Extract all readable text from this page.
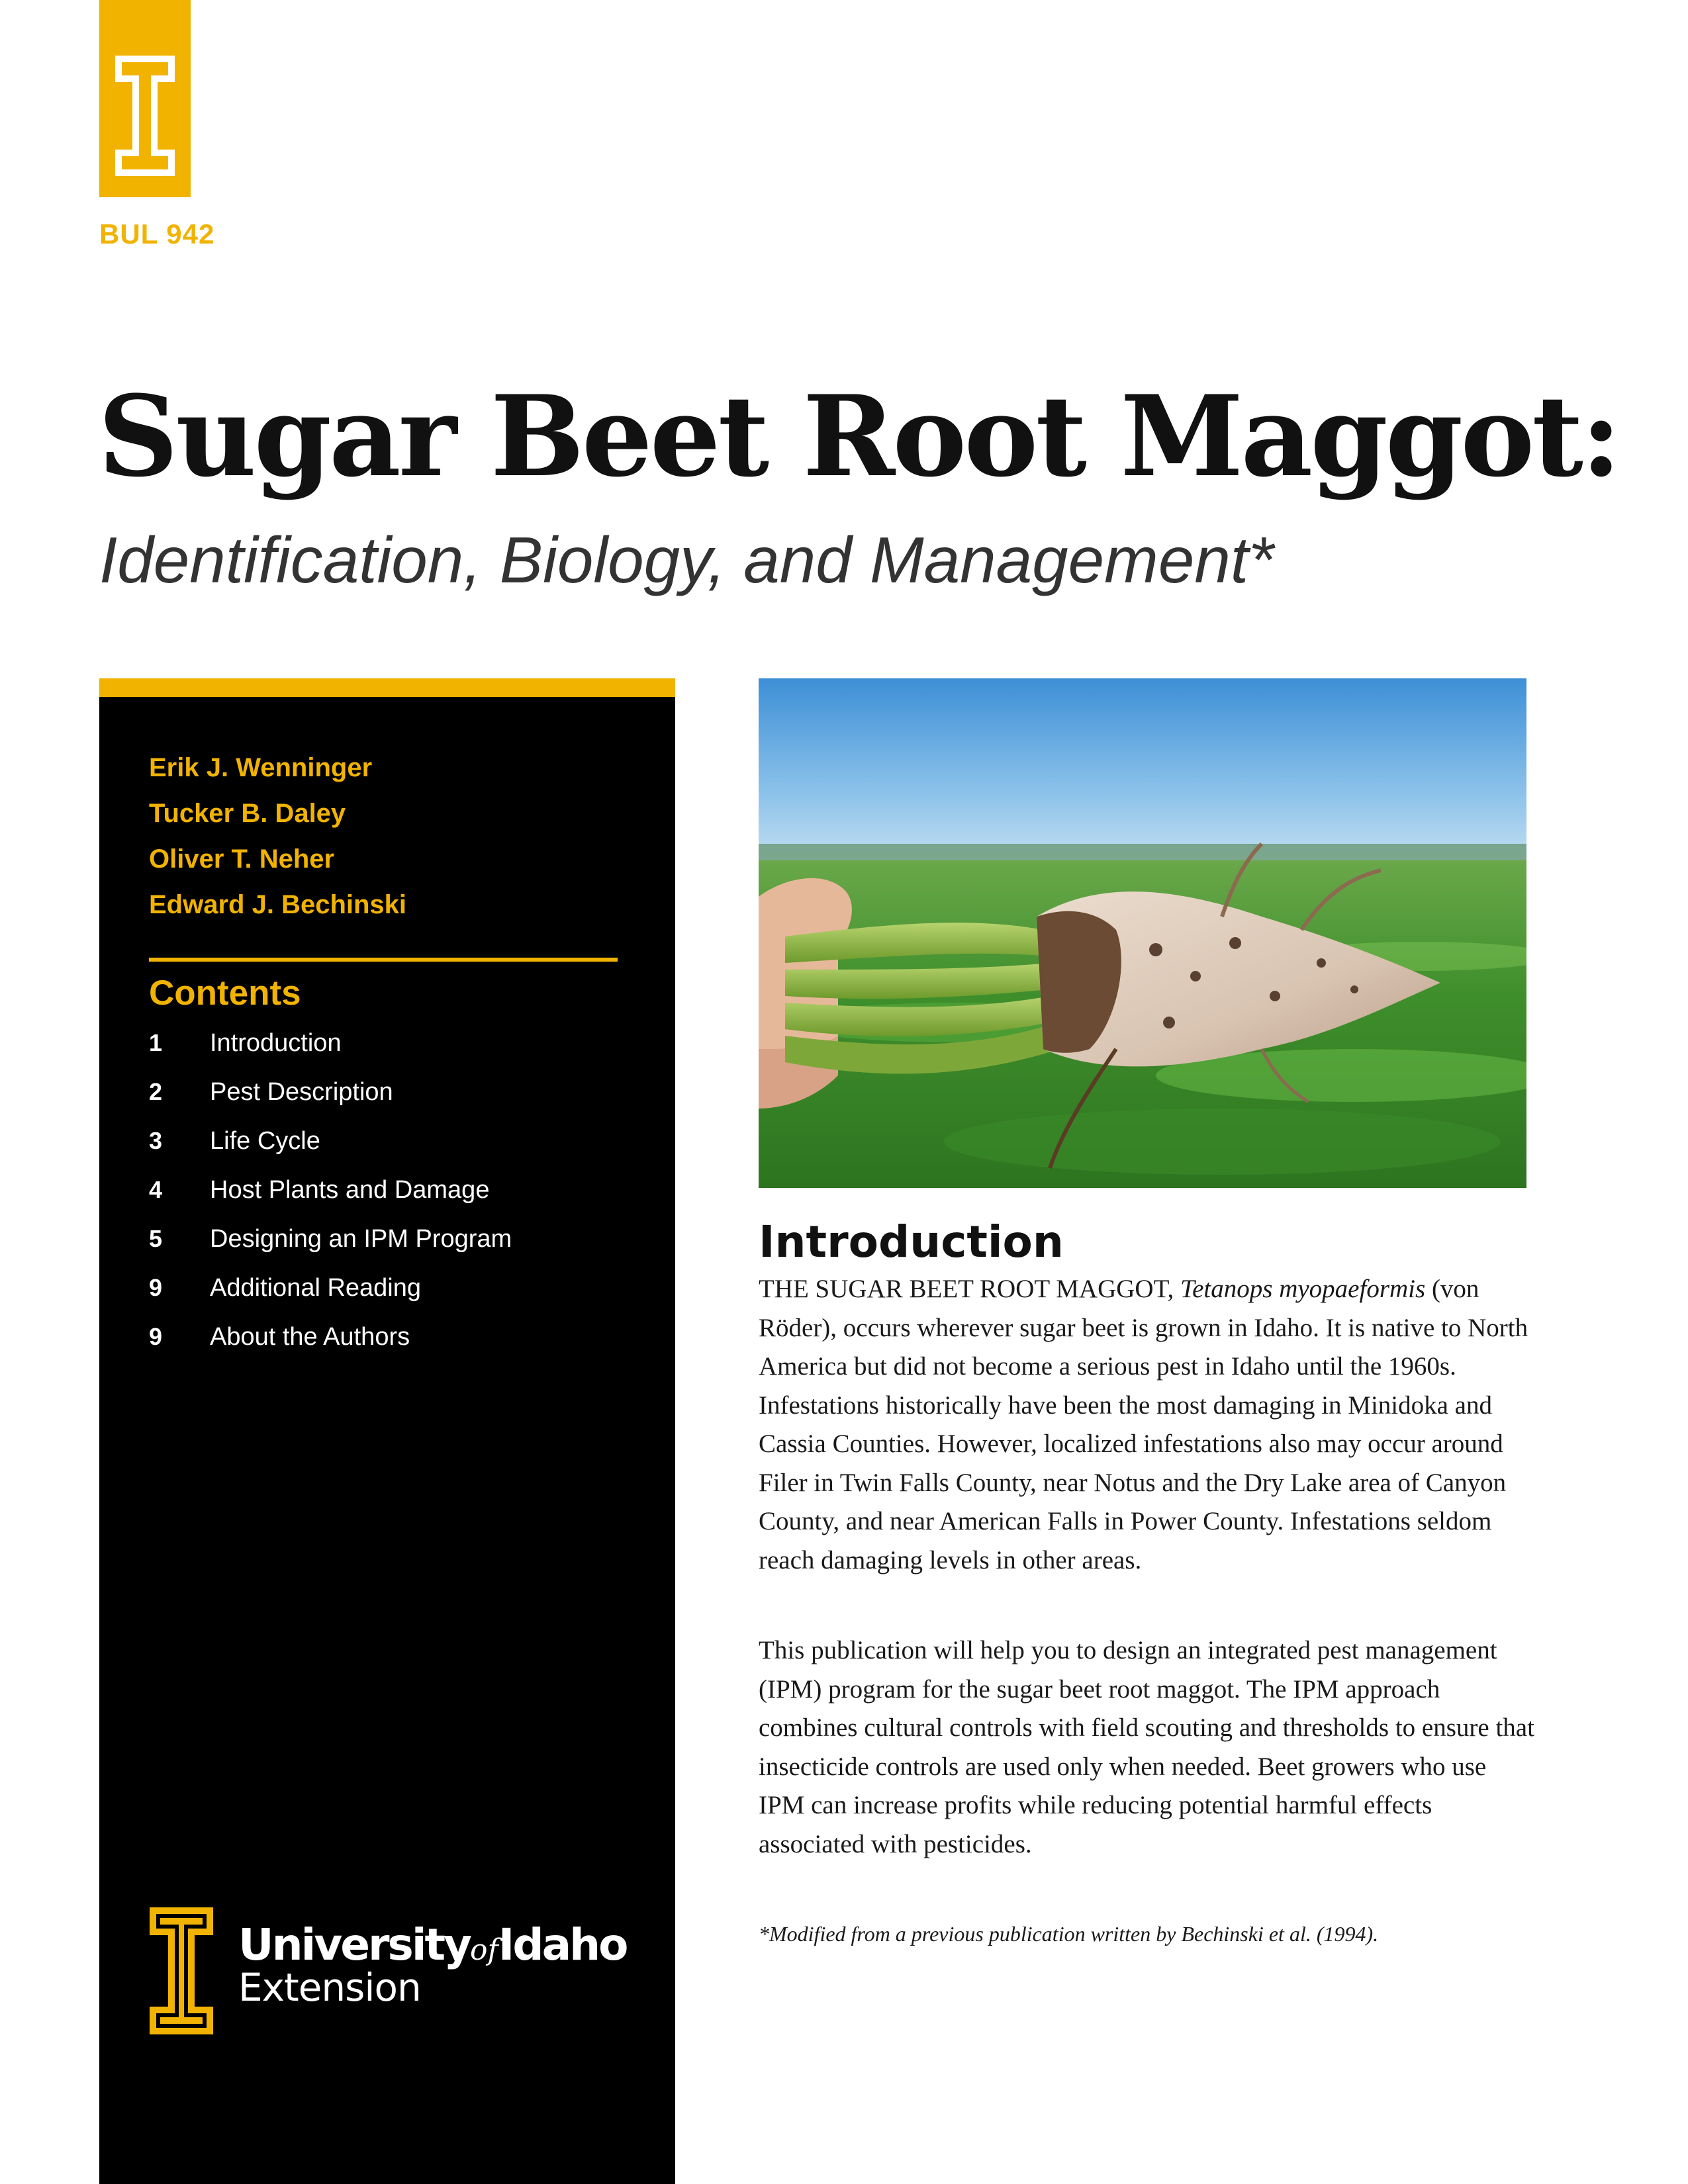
BUL 942
Sugar Beet Root Maggot:
Identification, Biology, and Management*
Erik J. Wenninger
Tucker B. Daley
Oliver T. Neher
Edward J. Bechinski
Contents
1	Introduction
2	Pest Description
3	Life Cycle
4	Host Plants and Damage
5	Designing an IPM Program
9	Additional Reading
9	About the Authors
UniversityofIdaho
Extension
Introduction

THE SUGAR BEET ROOT MAGGOT, Tetanops myopaeformis (von Röder), occurs wherever sugar beet is grown in Idaho. It is native to North America but did not become a serious pest in Idaho until the 1960s. Infestations historically have been the most damaging in Minidoka and Cassia Counties. However, localized infestations also may occur around Filer in Twin Falls County, near Notus and the Dry Lake area of Canyon County, and near American Falls in Power County. Infestations seldom reach damaging levels in other areas.

This publication will help you to design an integrated pest management (IPM) program for the sugar beet root maggot. The IPM approach combines cultural controls with field scouting and thresholds to ensure that insecticide controls are used only when needed. Beet growers who use IPM can increase profits while reducing potential harmful effects associated with pesticides.

*Modified from a previous publication written by Bechinski et al. (1994).
